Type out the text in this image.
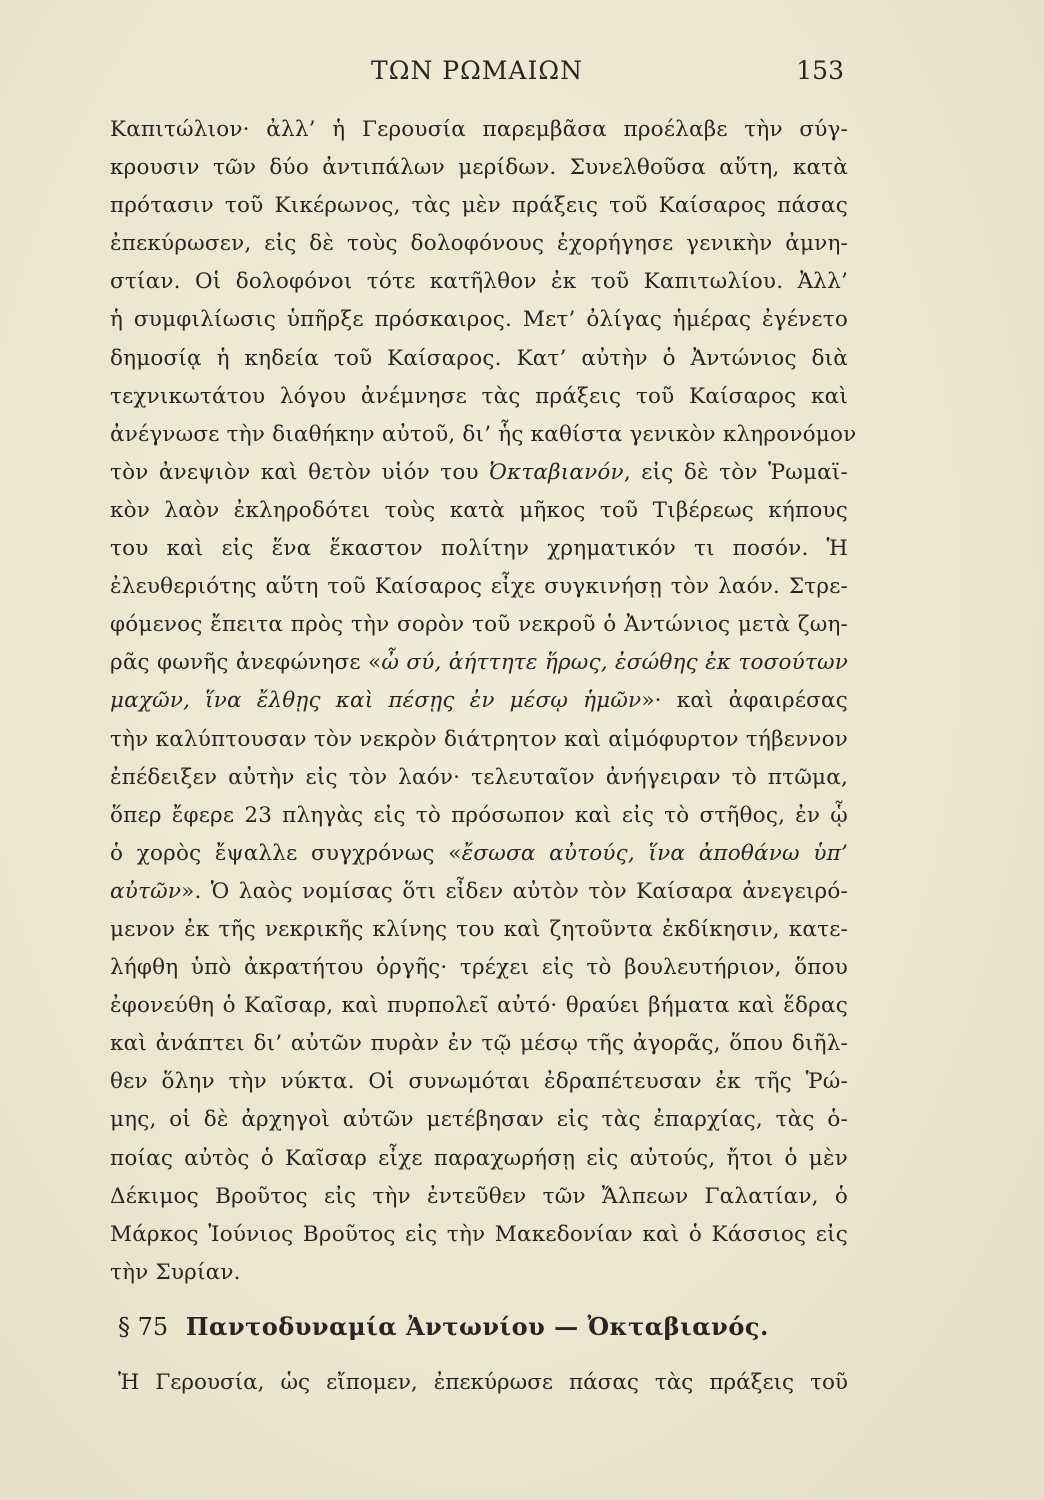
ΤΩΝ ΡΩΜΑΙΩΝ	153
Καπιτώλιον· ἀλλ’ ἡ Γερουσία παρεμβᾶσα προέλαβε τὴν σύγ-
κρουσιν τῶν δύο ἀντιπάλων μερίδων. Συνελθοῦσα αὕτη, κατὰ
πρότασιν τοῦ Κικέρωνος, τὰς μὲν πράξεις τοῦ Καίσαρος πάσας
ἐπεκύρωσεν, εἰς δὲ τοὺς δολοφόνους ἐχορήγησε γενικὴν ἀμνη-
στίαν. Οἱ δολοφόνοι τότε κατῆλθον ἐκ τοῦ Καπιτωλίου. Ἀλλ’
ἡ συμφιλίωσις ὑπῆρξε πρόσκαιρος. Μετ’ ὀλίγας ἡμέρας ἐγένετο
δημοσίᾳ ἡ κηδεία τοῦ Καίσαρος. Κατ’ αὐτὴν ὁ Ἀντώνιος διὰ
τεχνικωτάτου λόγου ἀνέμνησε τὰς πράξεις τοῦ Καίσαρος καὶ
ἀνέγνωσε τὴν διαθήκην αὐτοῦ, δι’ ἧς καθίστα γενικὸν κληρονόμον
τὸν ἀνεψιὸν καὶ θετὸν υἱόν του Ὀκταβιανόν, εἰς δὲ τὸν Ῥωμαϊ-
κὸν λαὸν ἐκληροδότει τοὺς κατὰ μῆκος τοῦ Τιβέρεως κήπους
του καὶ εἰς ἕνα ἕκαστον πολίτην χρηματικόν τι ποσόν. Ἡ
ἐλευθεριότης αὕτη τοῦ Καίσαρος εἶχε συγκινήσῃ τὸν λαόν. Στρε-
φόμενος ἔπειτα πρὸς τὴν σορὸν τοῦ νεκροῦ ὁ Ἀντώνιος μετὰ ζωη-
ρᾶς φωνῆς ἀνεφώνησε «ὦ σύ, ἀήττητε ἥρως, ἐσώθης ἐκ τοσούτων
μαχῶν, ἵνα ἔλθῃς καὶ πέσῃς ἐν μέσῳ ἡμῶν»· καὶ ἀφαιρέσας
τὴν καλύπτουσαν τὸν νεκρὸν διάτρητον καὶ αἱμόφυρτον τήβεννον
ἐπέδειξεν αὐτὴν εἰς τὸν λαόν· τελευταῖον ἀνήγειραν τὸ πτῶμα,
ὅπερ ἔφερε 23 πληγὰς εἰς τὸ πρόσωπον καὶ εἰς τὸ στῆθος, ἐν ᾧ
ὁ χορὸς ἔψαλλε συγχρόνως «ἔσωσα αὐτούς, ἵνα ἀποθάνω ὑπ’
αὐτῶν». Ὁ λαὸς νομίσας ὅτι εἶδεν αὐτὸν τὸν Καίσαρα ἀνεγειρό-
μενον ἐκ τῆς νεκρικῆς κλίνης του καὶ ζητοῦντα ἐκδίκησιν, κατε-
λήφθη ὑπὸ ἀκρατήτου ὀργῆς· τρέχει εἰς τὸ βουλευτήριον, ὅπου
ἐφονεύθη ὁ Καῖσαρ, καὶ πυρπολεῖ αὐτό· θραύει βήματα καὶ ἕδρας
καὶ ἀνάπτει δι’ αὐτῶν πυρὰν ἐν τῷ μέσῳ τῆς ἀγορᾶς, ὅπου διῆλ-
θεν ὅλην τὴν νύκτα. Οἱ συνωμόται ἐδραπέτευσαν ἐκ τῆς Ῥώ-
μης, οἱ δὲ ἀρχηγοὶ αὐτῶν μετέβησαν εἰς τὰς ἐπαρχίας, τὰς ὁ-
ποίας αὐτὸς ὁ Καῖσαρ εἶχε παραχωρήσῃ εἰς αὐτούς, ἤτοι ὁ μὲν
Δέκιμος Βροῦτος εἰς τὴν ἐντεῦθεν τῶν Ἄλπεων Γαλατίαν, ὁ
Μάρκος Ἰούνιος Βροῦτος εἰς τὴν Μακεδονίαν καὶ ὁ Κάσσιος εἰς
τὴν Συρίαν.
§ 75 Παντοδυναμία Ἀντωνίου — Ὀκταβιανός.
Ἡ Γερουσία, ὡς εἴπομεν, ἐπεκύρωσε πάσας τὰς πράξεις τοῦ
